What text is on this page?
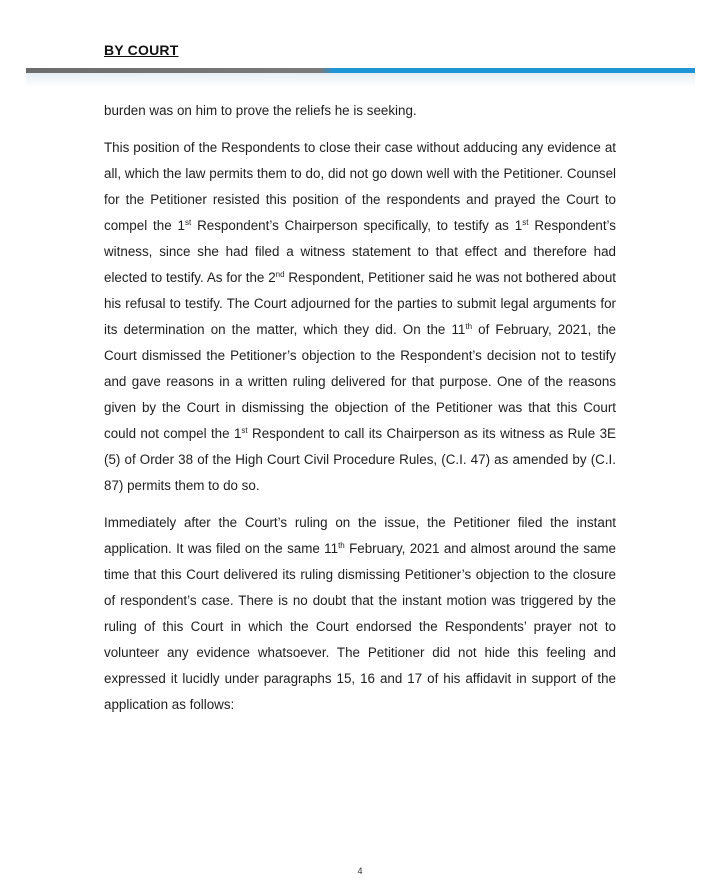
BY COURT

burden was on him to prove the reliefs he is seeking.

This position of the Respondents to close their case without adducing any evidence at all, which the law permits them to do, did not go down well with the Petitioner. Counsel for the Petitioner resisted this position of the respondents and prayed the Court to compel the 1st Respondent’s Chairperson specifically, to testify as 1st Respondent’s witness, since she had filed a witness statement to that effect and therefore had elected to testify. As for the 2nd Respondent, Petitioner said he was not bothered about his refusal to testify. The Court adjourned for the parties to submit legal arguments for its determination on the matter, which they did. On the 11th of February, 2021, the Court dismissed the Petitioner’s objection to the Respondent’s decision not to testify and gave reasons in a written ruling delivered for that purpose. One of the reasons given by the Court in dismissing the objection of the Petitioner was that this Court could not compel the 1st Respondent to call its Chairperson as its witness as Rule 3E (5) of Order 38 of the High Court Civil Procedure Rules, (C.I. 47) as amended by (C.I. 87) permits them to do so.

Immediately after the Court’s ruling on the issue, the Petitioner filed the instant application. It was filed on the same 11th February, 2021 and almost around the same time that this Court delivered its ruling dismissing Petitioner’s objection to the closure of respondent’s case. There is no doubt that the instant motion was triggered by the ruling of this Court in which the Court endorsed the Respondents’ prayer not to volunteer any evidence whatsoever. The Petitioner did not hide this feeling and expressed it lucidly under paragraphs 15, 16 and 17 of his affidavit in support of the application as follows:

4
